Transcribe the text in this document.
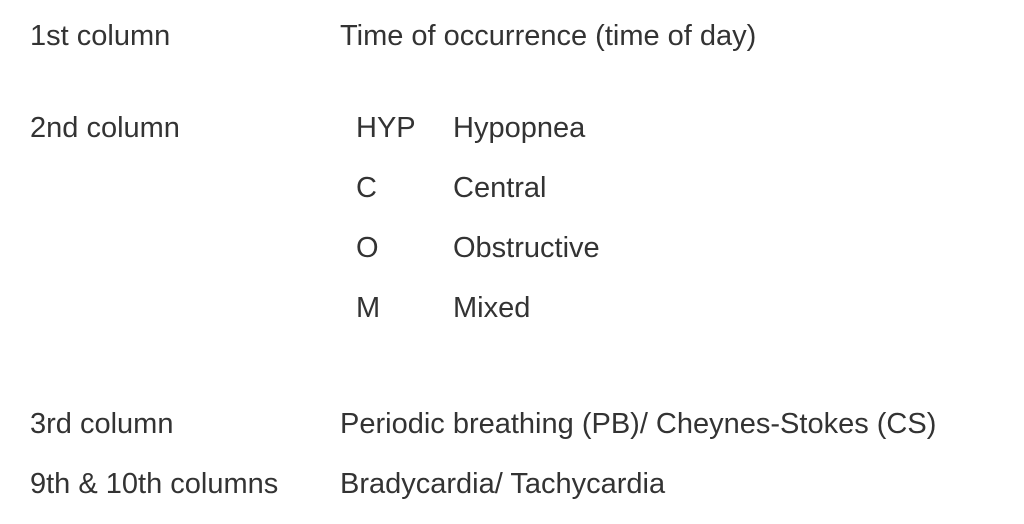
1st column	Time of occurrence (time of day)

2nd column	HYP Hypopnea

C	Central

O	Obstructive

M	Mixed

3rd column	Periodic breathing (PB)/ Cheynes-Stokes (CS)

9th & 10th columns Bradycardia/ Tachycardia
